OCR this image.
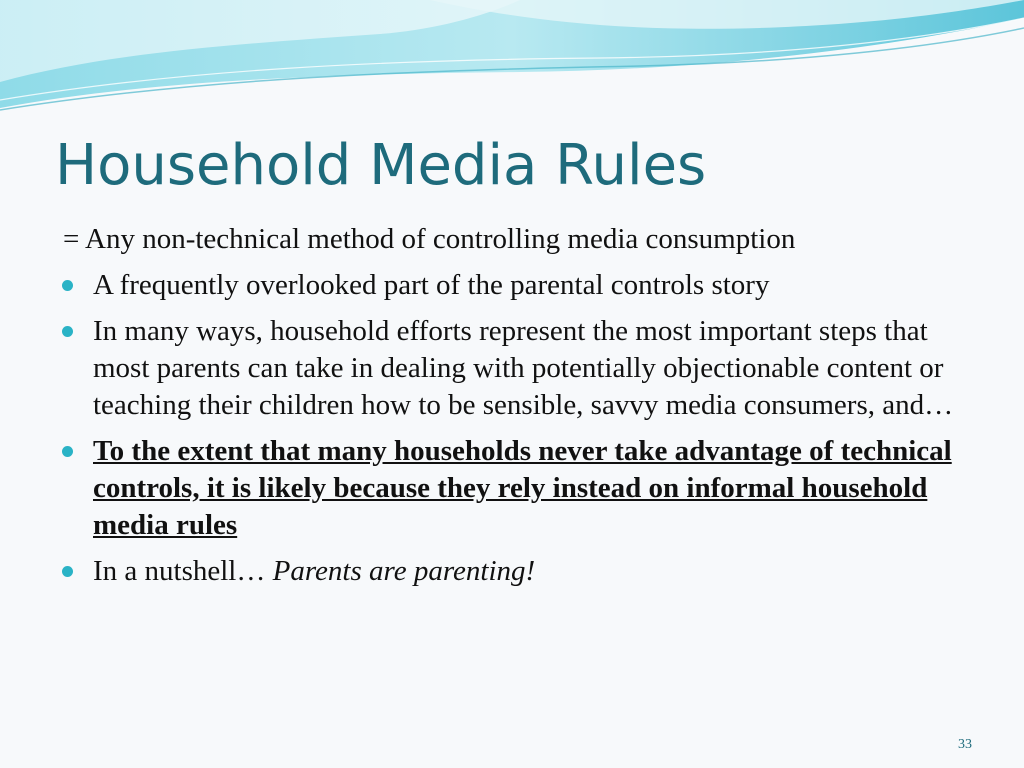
Household Media Rules
= Any non-technical method of controlling media consumption
A frequently overlooked part of the parental controls story
In many ways, household efforts represent the most important steps that most parents can take in dealing with potentially objectionable content or teaching their children how to be sensible, savvy media consumers, and…
To the extent that many households never take advantage of technical controls, it is likely because they rely instead on informal household media rules
In a nutshell… Parents are parenting!
33
